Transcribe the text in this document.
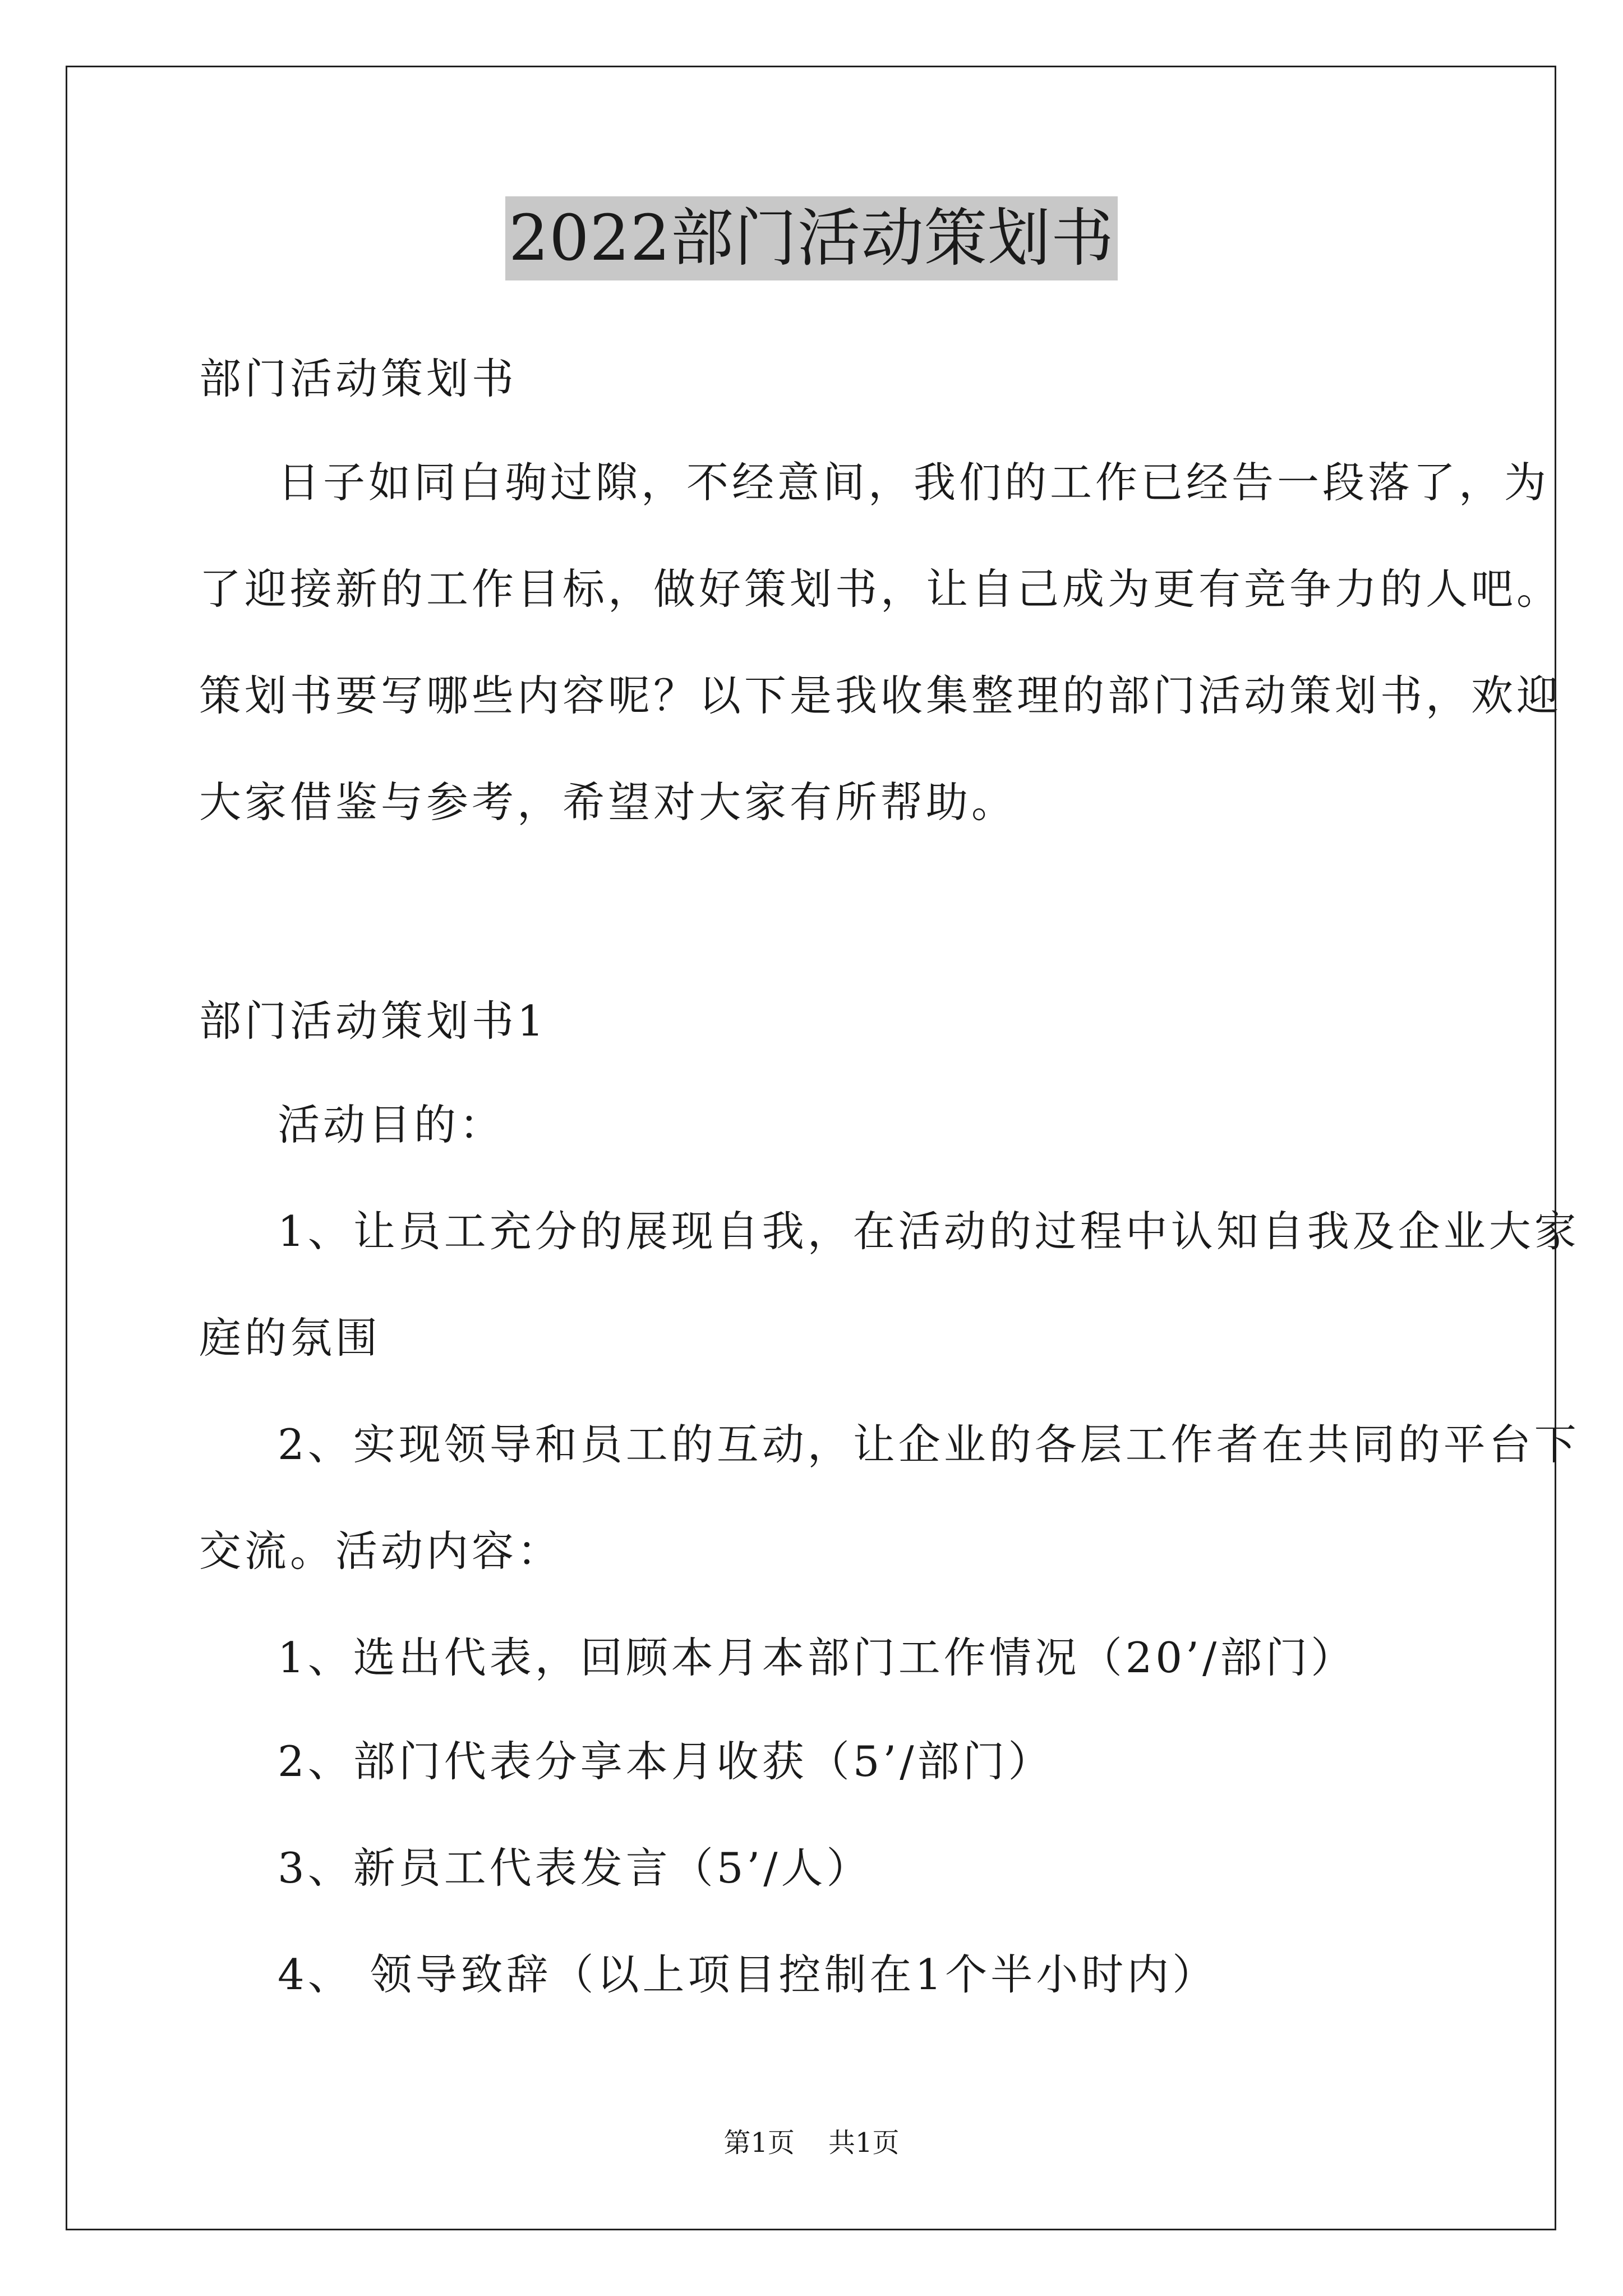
2022部门活动策划书
部门活动策划书
日子如同白驹过隙，不经意间，我们的工作已经告一段落了，为
了迎接新的工作目标，做好策划书，让自己成为更有竞争力的人吧。
策划书要写哪些内容呢？以下是我收集整理的部门活动策划书，欢迎
大家借鉴与参考，希望对大家有所帮助。
部门活动策划书1
活动目的：
1、让员工充分的展现自我，在活动的过程中认知自我及企业大家
庭的氛围
2、实现领导和员工的互动，让企业的各层工作者在共同的平台下
交流。活动内容：
1、选出代表，回顾本月本部门工作情况（20’/部门）
2、部门代表分享本月收获（5’/部门）
3、新员工代表发言（5’/人）
4、 领导致辞（以上项目控制在1个半小时内）
第1页 共1页
